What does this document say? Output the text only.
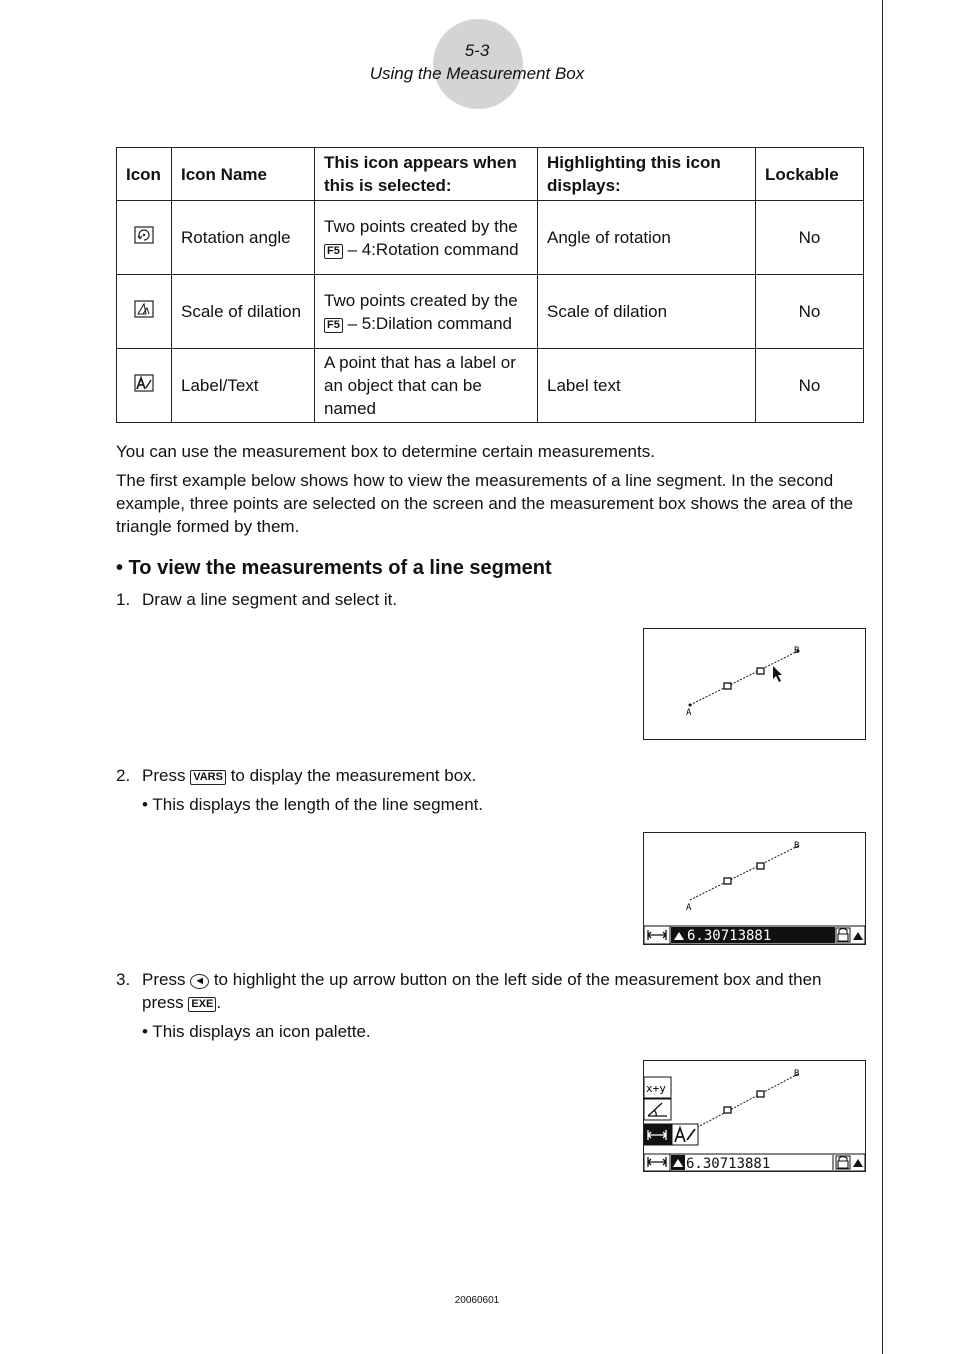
5-3
Using the Measurement Box
Icon	Icon Name	This icon appears when this is selected:	Highlighting this icon displays:	Lockable
	Rotation angle	Two points created by the F5 – 4:Rotation command	Angle of rotation	No
	Scale of dilation	Two points created by the F5 – 5:Dilation command	Scale of dilation	No
	Label/Text	A point that has a label or an object that can be named	Label text	No

You can use the measurement box to determine certain measurements.

The first example below shows how to view the measurements of a line segment. In the second example, three points are selected on the screen and the measurement box shows the area of the triangle formed by them.

• To view the measurements of a line segment
1. Draw a line segment and select it.
A
B
2. Press VARS to display the measurement box.
• This displays the length of the line segment.
A
B
6.30713881
3. Press ◄ to highlight the up arrow button on the left side of the measurement box and then press EXE .
• This displays an icon palette.
B
x+y
6.30713881
20060601
